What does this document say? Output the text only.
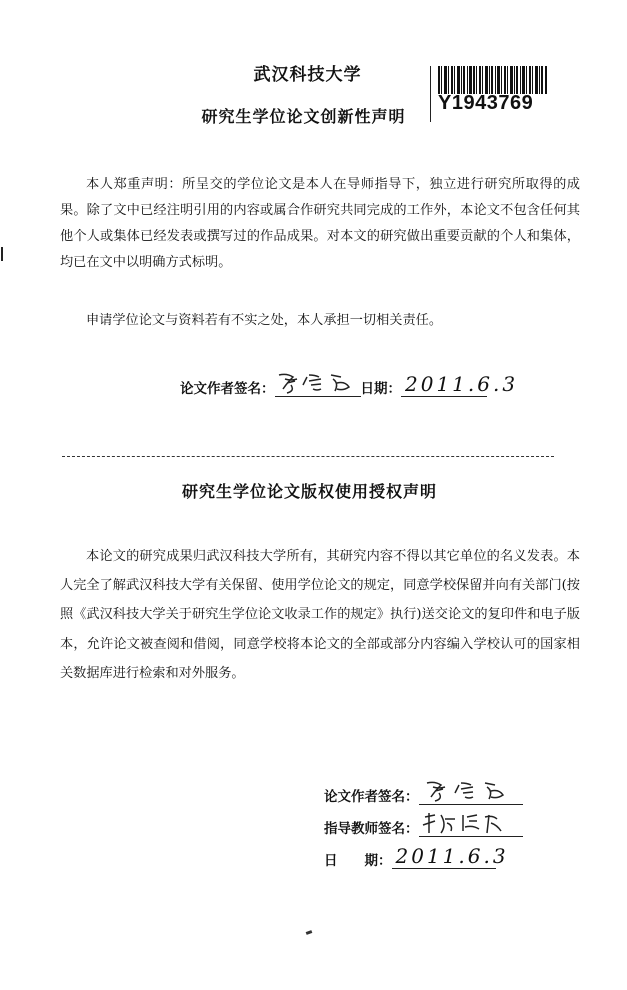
武汉科技大学
研究生学位论文创新性声明
Y1943769
本人郑重声明：所呈交的学位论文是本人在导师指导下，独立进行研究所取得的成果。除了文中已经注明引用的内容或属合作研究共同完成的工作外，本论文不包含任何其他个人或集体已经发表或撰写过的作品成果。对本文的研究做出重要贡献的个人和集体，均已在文中以明确方式标明。
申请学位论文与资料若有不实之处，本人承担一切相关责任。
论文作者签名：	日期： 2011.6.3
研究生学位论文版权使用授权声明
本论文的研究成果归武汉科技大学所有，其研究内容不得以其它单位的名义发表。本人完全了解武汉科技大学有关保留、使用学位论文的规定，同意学校保留并向有关部门(按照《武汉科技大学关于研究生学位论文收录工作的规定》执行)送交论文的复印件和电子版本，允许论文被查阅和借阅，同意学校将本论文的全部或部分内容编入学校认可的国家相关数据库进行检索和对外服务。
论文作者签名：
指导教师签名：
日　　期： 2011.6.3
